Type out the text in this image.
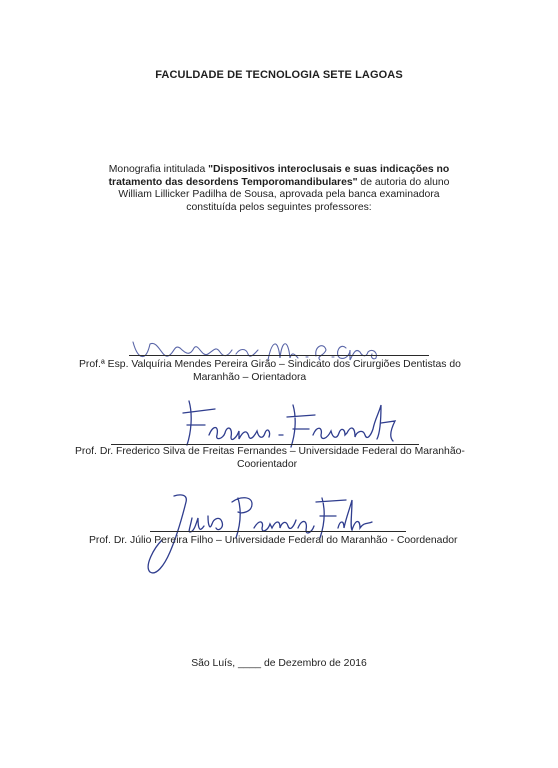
FACULDADE DE TECNOLOGIA SETE LAGOAS
Monografia intitulada "Dispositivos interoclusais e suas indicações no tratamento das desordens Temporomandibulares" de autoria do aluno William Lillicker Padilha de Sousa, aprovada pela banca examinadora constituída pelos seguintes professores:
Prof.ª Esp. Valquíria Mendes Pereira Girão – Sindicato dos Cirurgiões Dentistas do
Maranhão – Orientadora
Prof. Dr. Frederico Silva de Freitas Fernandes – Universidade Federal do Maranhão-
Coorientador
Prof. Dr. Júlio Pereira Filho – Universidade Federal do Maranhão - Coordenador
São Luís, ____ de Dezembro de 2016
